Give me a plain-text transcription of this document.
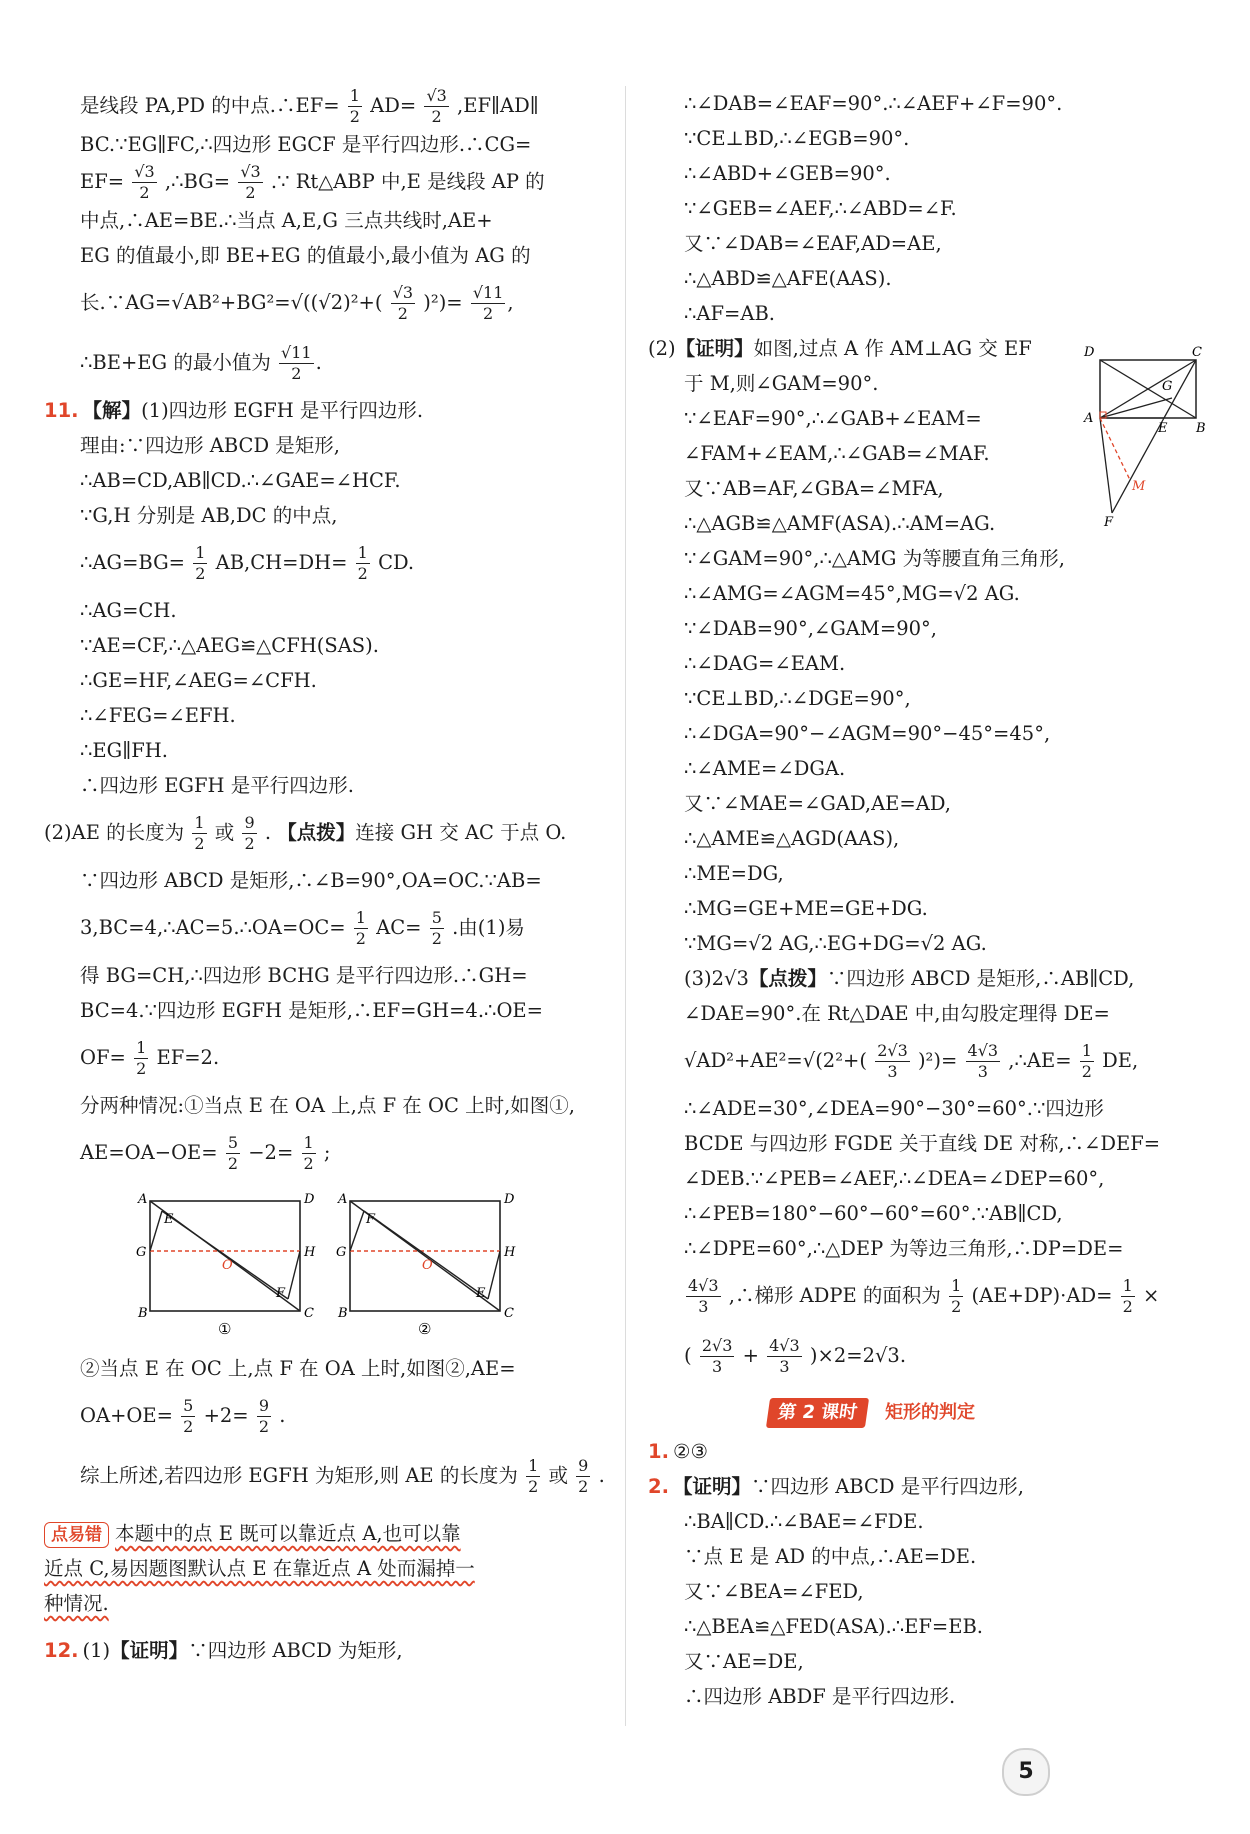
是线段 PA,PD 的中点.∴EF= $\frac{1}{2} AD= \frac{√3}{2}$ ,EF∥AD∥

BC.∵EG∥FC,∴四边形 EGCF 是平行四边形.∴CG=

$EF= \frac{√3}{2}$ ,∴BG= $\frac{√3}{2}$ .∵ Rt△ABP 中,E 是线段 AP 的

中点,∴AE=BE.∴当点 A,E,G 三点共线时,AE+

EG 的值最小,即 BE+EG 的值最小,最小值为 AG 的

长.∵AG=√AB²+BG²=√((√2)²+( $\frac{√3}{2} )^2)= \frac{√11}{2}$ ,

∴BE+EG 的最小值为 $\frac{√11}{2}$ .

11. 【解】(1)四边形 EGFH 是平行四边形.

理由:∵四边形 ABCD 是矩形,

∴AB=CD,AB∥CD.∴∠GAE=∠HCF.

∵G,H 分别是 AB,DC 的中点,

∴AG=BG= $\frac{1}{2} AB,CH=DH= \frac{1}{2}$ CD.

∴AG=CH.

∵AE=CF,∴△AEG≌△CFH(SAS).

∴GE=HF,∠AEG=∠CFH.

∴∠FEG=∠EFH.

∴EG∥FH.

∴四边形 EGFH 是平行四边形.

(2)AE 的长度为 $\frac{1}{2}$ 或 $\frac{9}{2}$ . 【点拨】连接 GH 交 AC 于点 O.

∵四边形 ABCD 是矩形,∴∠B=90°,OA=OC.∵AB=

3,BC=4,∴AC=5.∴OA=OC= $\frac{1}{2} AC= \frac{5}{2}$ .由(1)易

得 BG=CH,∴四边形 BCHG 是平行四边形.∴GH=

BC=4.∵四边形 EGFH 是矩形,∴EF=GH=4.∴OE=

$OF= \frac{1}{2} EF=2$.

分两种情况:①当点 E 在 OA 上,点 F 在 OC 上时,如图①,

$AE=OA-OE= \frac{5}{2} -2= \frac{1}{2}$ ;

A	D
B	C
G	H
E
F
O
①
A	D
B	C
G	H
F
E
O
②

②当点 E 在 OC 上,点 F 在 OA 上时,如图②,AE=

$OA+OE= \frac{5}{2} +2= \frac{9}{2}$ .

综上所述,若四边形 EGFH 为矩形,则 AE 的长度为 $\frac{1}{2}$ 或 $\frac{9}{2}$ .

点易错 本题中的点 E 既可以靠近点 A,也可以靠

近点 C,易因题图默认点 E 在靠近点 A 处而漏掉一

种情况.

12. (1)【证明】∵四边形 ABCD 为矩形,

∴∠DAB=∠EAF=90°.∴∠AEF+∠F=90°.

∵CE⊥BD,∴∠EGB=90°.

∴∠ABD+∠GEB=90°.

∵∠GEB=∠AEF,∴∠ABD=∠F.

又∵∠DAB=∠EAF,AD=AE,

∴△ABD≌△AFE(AAS).

∴AF=AB.

(2)【证明】如图,过点 A 作 AM⊥AG 交 EF

于 M,则∠GAM=90°.

∵∠EAF=90°,∴∠GAB+∠EAM=

∠FAM+∠EAM,∴∠GAB=∠MAF.

又∵AB=AF,∠GBA=∠MFA,

∴△AGB≌△AMF(ASA).∴AM=AG.

∵∠GAM=90°,∴△AMG 为等腰直角三角形,

∴∠AMG=∠AGM=45°,MG=√2 AG.

∵∠DAB=90°,∠GAM=90°,

∴∠DAG=∠EAM.

∵CE⊥BD,∴∠DGE=90°,

∴∠DGA=90°−∠AGM=90°−45°=45°,

∴∠AME=∠DGA.

又∵∠MAE=∠GAD,AE=AD,

∴△AME≌△AGD(AAS),

∴ME=DG,

∴MG=GE+ME=GE+DG.

∵MG=√2 AG,∴EG+DG=√2 AG.

(3)2√3【点拨】∵四边形 ABCD 是矩形,∴AB∥CD,

∠DAE=90°.在 Rt△DAE 中,由勾股定理得 DE=

$√AD^2+AE^2=√(2^2+( \frac{2√3}{3} )^2)= \frac{4√3}{3}$ ,∴AE= $\frac{1}{2}$ DE,

∴∠ADE=30°,∠DEA=90°−30°=60°.∵四边形

BCDE 与四边形 FGDE 关于直线 DE 对称,∴∠DEF=

∠DEB.∵∠PEB=∠AEF,∴∠DEA=∠DEP=60°,

∴∠PEB=180°−60°−60°=60°.∵AB∥CD,

∴∠DPE=60°,∴△DEP 为等边三角形,∴DP=DE=

$\frac{4√3}{3}$ ,∴梯形 ADPE 的面积为 $\frac{1}{2} (AE+DP)\cdot AD= \frac{1}{2}$ ×

( $\frac{2√3}{3} + \frac{4√3}{3} )\times 2=2√3$.

第 2 课时 矩形的判定

1. ②③

2. 【证明】∵四边形 ABCD 是平行四边形,

∴BA∥CD.∴∠BAE=∠FDE.

∵点 E 是 AD 的中点,∴AE=DE.

又∵∠BEA=∠FED,

∴△BEA≌△FED(ASA).∴EF=EB.

又∵AE=DE,

∴四边形 ABDF 是平行四边形.

D	C
A
B
E
G
F
M
5
